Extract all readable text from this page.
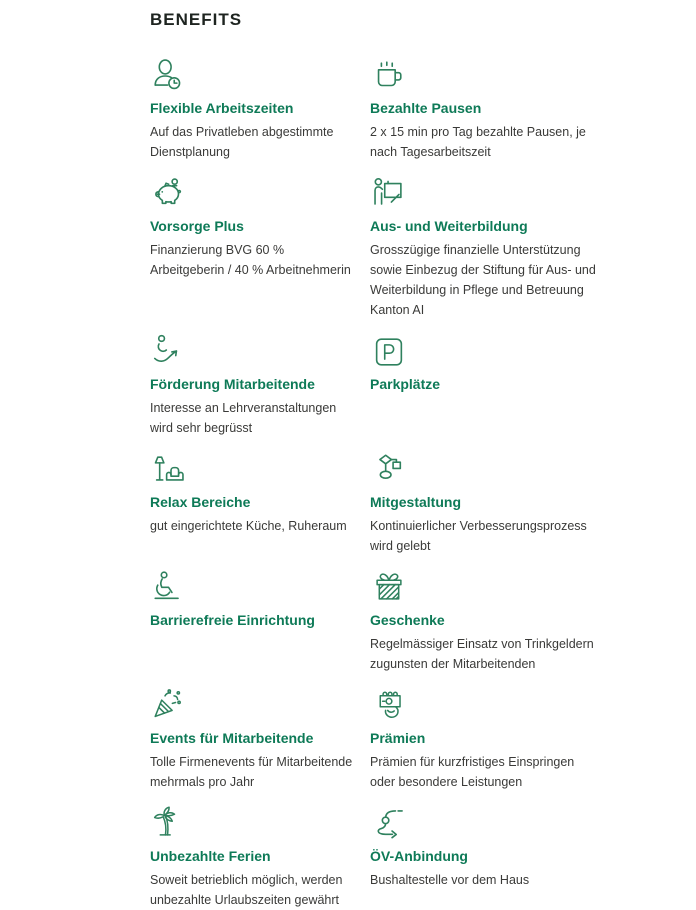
BENEFITS
Flexible Arbeitszeiten

Auf das Privatleben abgestimmte Dienstplanung

Bezahlte Pausen

2 x 15 min pro Tag bezahlte Pausen, je nach Tagesarbeitszeit

Vorsorge Plus

Finanzierung BVG 60 % Arbeitgeberin / 40 % Arbeitnehmerin

Aus- und Weiterbildung

Grosszügige finanzielle Unterstützung sowie Einbezug der Stiftung für Aus- und Weiterbildung in Pflege und Betreuung Kanton AI

Förderung Mitarbeitende

Interesse an Lehrveranstaltungen wird sehr begrüsst

Parkplätze
Relax Bereiche

gut eingerichtete Küche, Ruheraum

Mitgestaltung

Kontinuierlicher Verbesserungsprozess wird gelebt

Barrierefreie Einrichtung	Geschenke

Regelmässiger Einsatz von Trinkgeldern zugunsten der Mitarbeitenden

Events für Mitarbeitende

Tolle Firmenevents für Mitarbeitende mehrmals pro Jahr

Prämien

Prämien für kurzfristiges Einspringen oder besondere Leistungen

Unbezahlte Ferien

Soweit betrieblich möglich, werden unbezahlte Urlaubszeiten gewährt

ÖV-Anbindung

Bushaltestelle vor dem Haus
